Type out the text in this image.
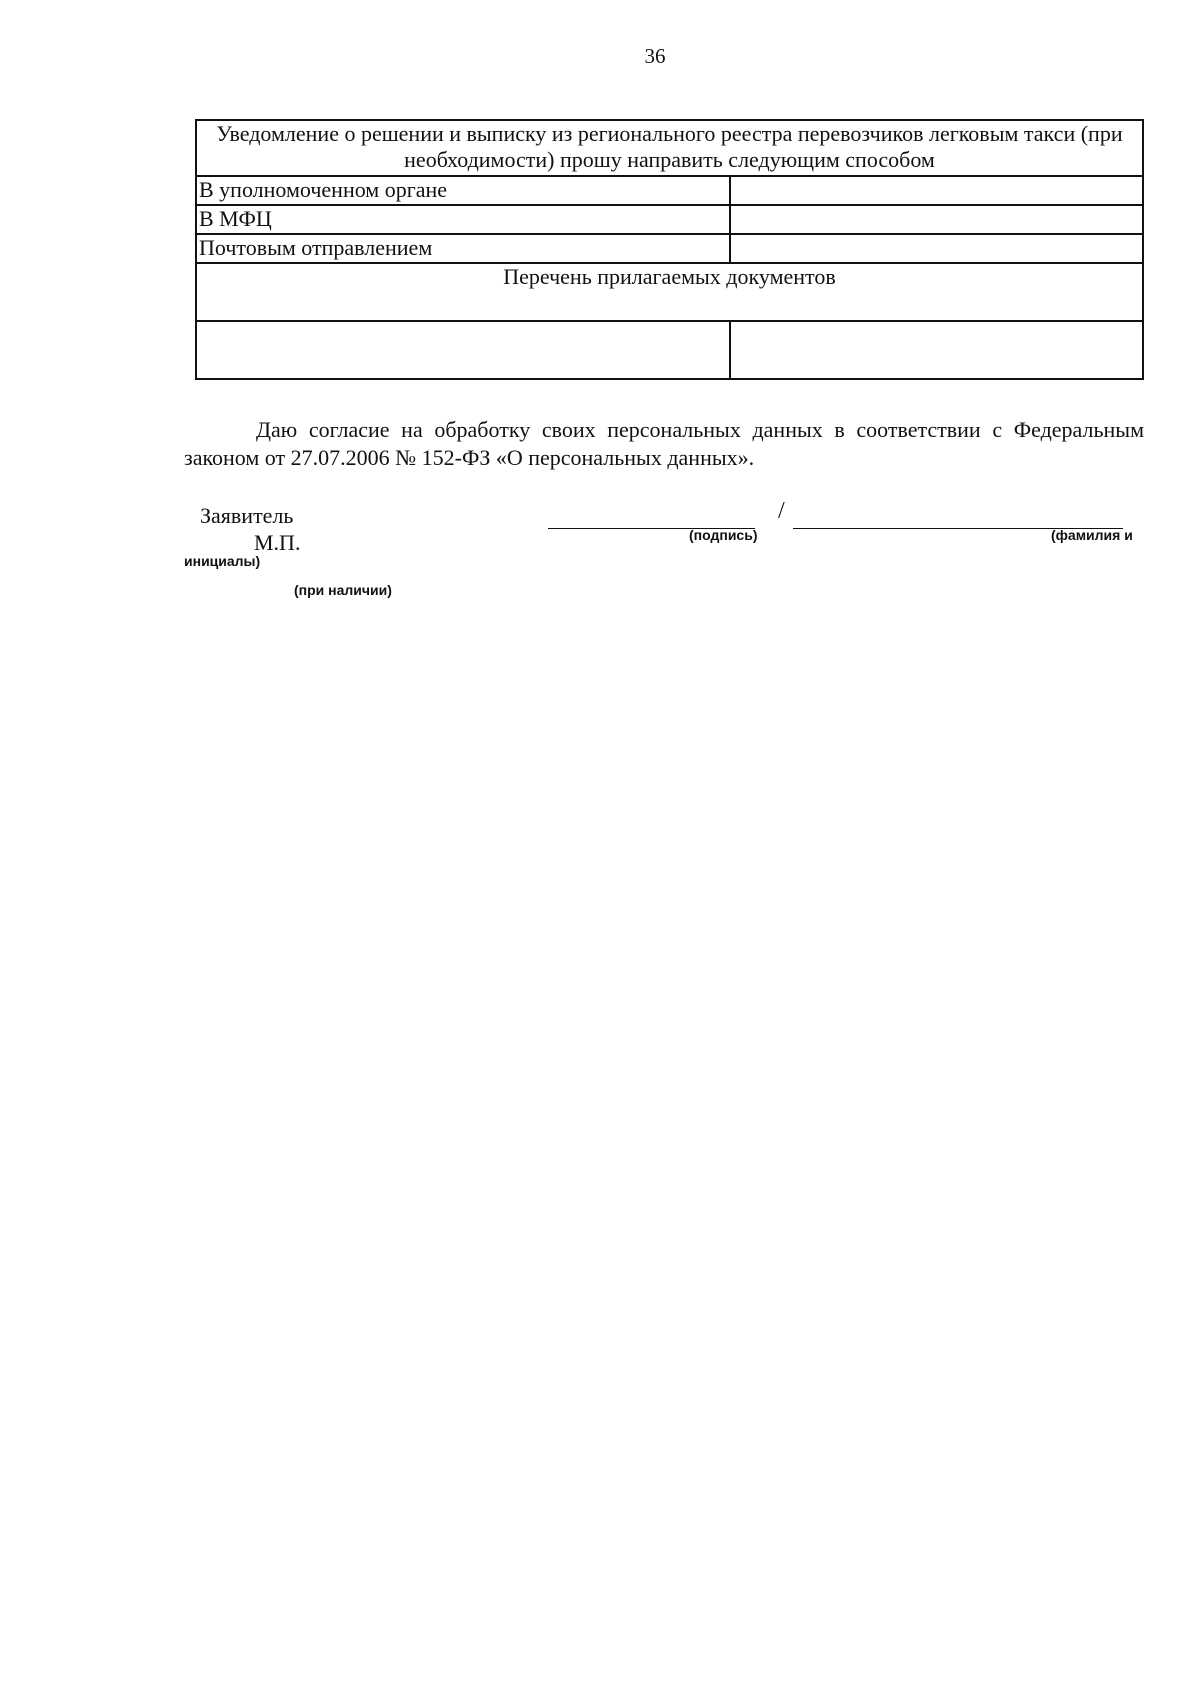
36
Уведомление о решении и выписку из регионального реестра перевозчиков легковым такси (при необходимости) прошу направить следующим способом	
В уполномоченном органе	
В МФЦ	
Почтовым отправлением	
Перечень прилагаемых документов	

Даю согласие на обработку своих персональных данных в соответствии с Федеральным законом от 27.07.2006 № 152-ФЗ «О персональных данных».
Заявитель
М.П.	(подпись)
/
(фамилия и
инициалы)
(при наличии)
